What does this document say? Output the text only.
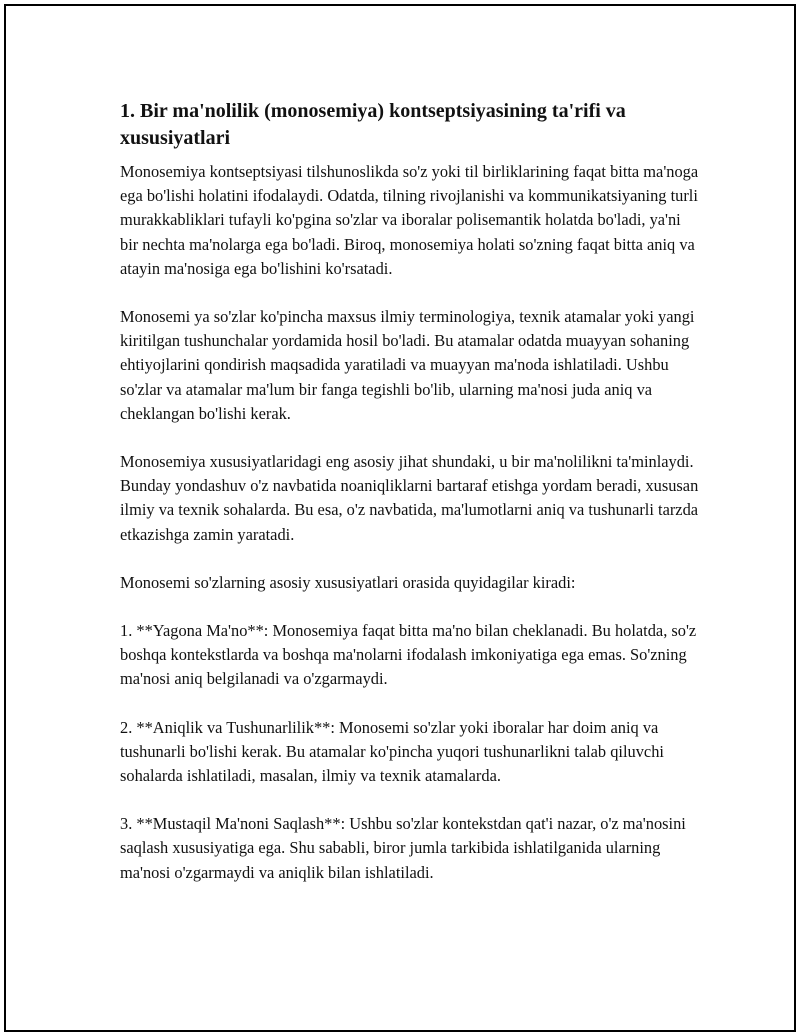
1. Bir ma'nolilik (monosemiya) kontseptsiyasining ta'rifi va xususiyatlari

Monosemiya kontseptsiyasi tilshunoslikda so'z yoki til birliklarining faqat bitta ma'noga ega bo'lishi holatini ifodalaydi. Odatda, tilning rivojlanishi va kommunikatsiyaning turli murakkabliklari tufayli ko'pgina so'zlar va iboralar polisemantik holatda bo'ladi, ya'ni bir nechta ma'nolarga ega bo'ladi. Biroq, monosemiya holati so'zning faqat bitta aniq va atayin ma'nosiga ega bo'lishini ko'rsatadi.

Monosemi ya so'zlar ko'pincha maxsus ilmiy terminologiya, texnik atamalar yoki yangi kiritilgan tushunchalar yordamida hosil bo'ladi. Bu atamalar odatda muayyan sohaning ehtiyojlarini qondirish maqsadida yaratiladi va muayyan ma'noda ishlatiladi. Ushbu so'zlar va atamalar ma'lum bir fanga tegishli bo'lib, ularning ma'nosi juda aniq va cheklangan bo'lishi kerak.

Monosemiya xususiyatlaridagi eng asosiy jihat shundaki, u bir ma'nolilikni ta'minlaydi. Bunday yondashuv o'z navbatida noaniqliklarni bartaraf etishga yordam beradi, xususan ilmiy va texnik sohalarda. Bu esa, o'z navbatida, ma'lumotlarni aniq va tushunarli tarzda etkazishga zamin yaratadi.

Monosemi so'zlarning asosiy xususiyatlari orasida quyidagilar kiradi:

1. **Yagona Ma'no**: Monosemiya faqat bitta ma'no bilan cheklanadi. Bu holatda, so'z boshqa kontekstlarda va boshqa ma'nolarni ifodalash imkoniyatiga ega emas. So'zning ma'nosi aniq belgilanadi va o'zgarmaydi.

2. **Aniqlik va Tushunarlilik**: Monosemi so'zlar yoki iboralar har doim aniq va tushunarli bo'lishi kerak. Bu atamalar ko'pincha yuqori tushunarlikni talab qiluvchi sohalarda ishlatiladi, masalan, ilmiy va texnik atamalarda.

3. **Mustaqil Ma'noni Saqlash**: Ushbu so'zlar kontekstdan qat'i nazar, o'z ma'nosini saqlash xususiyatiga ega. Shu sababli, biror jumla tarkibida ishlatilganida ularning ma'nosi o'zgarmaydi va aniqlik bilan ishlatiladi.
